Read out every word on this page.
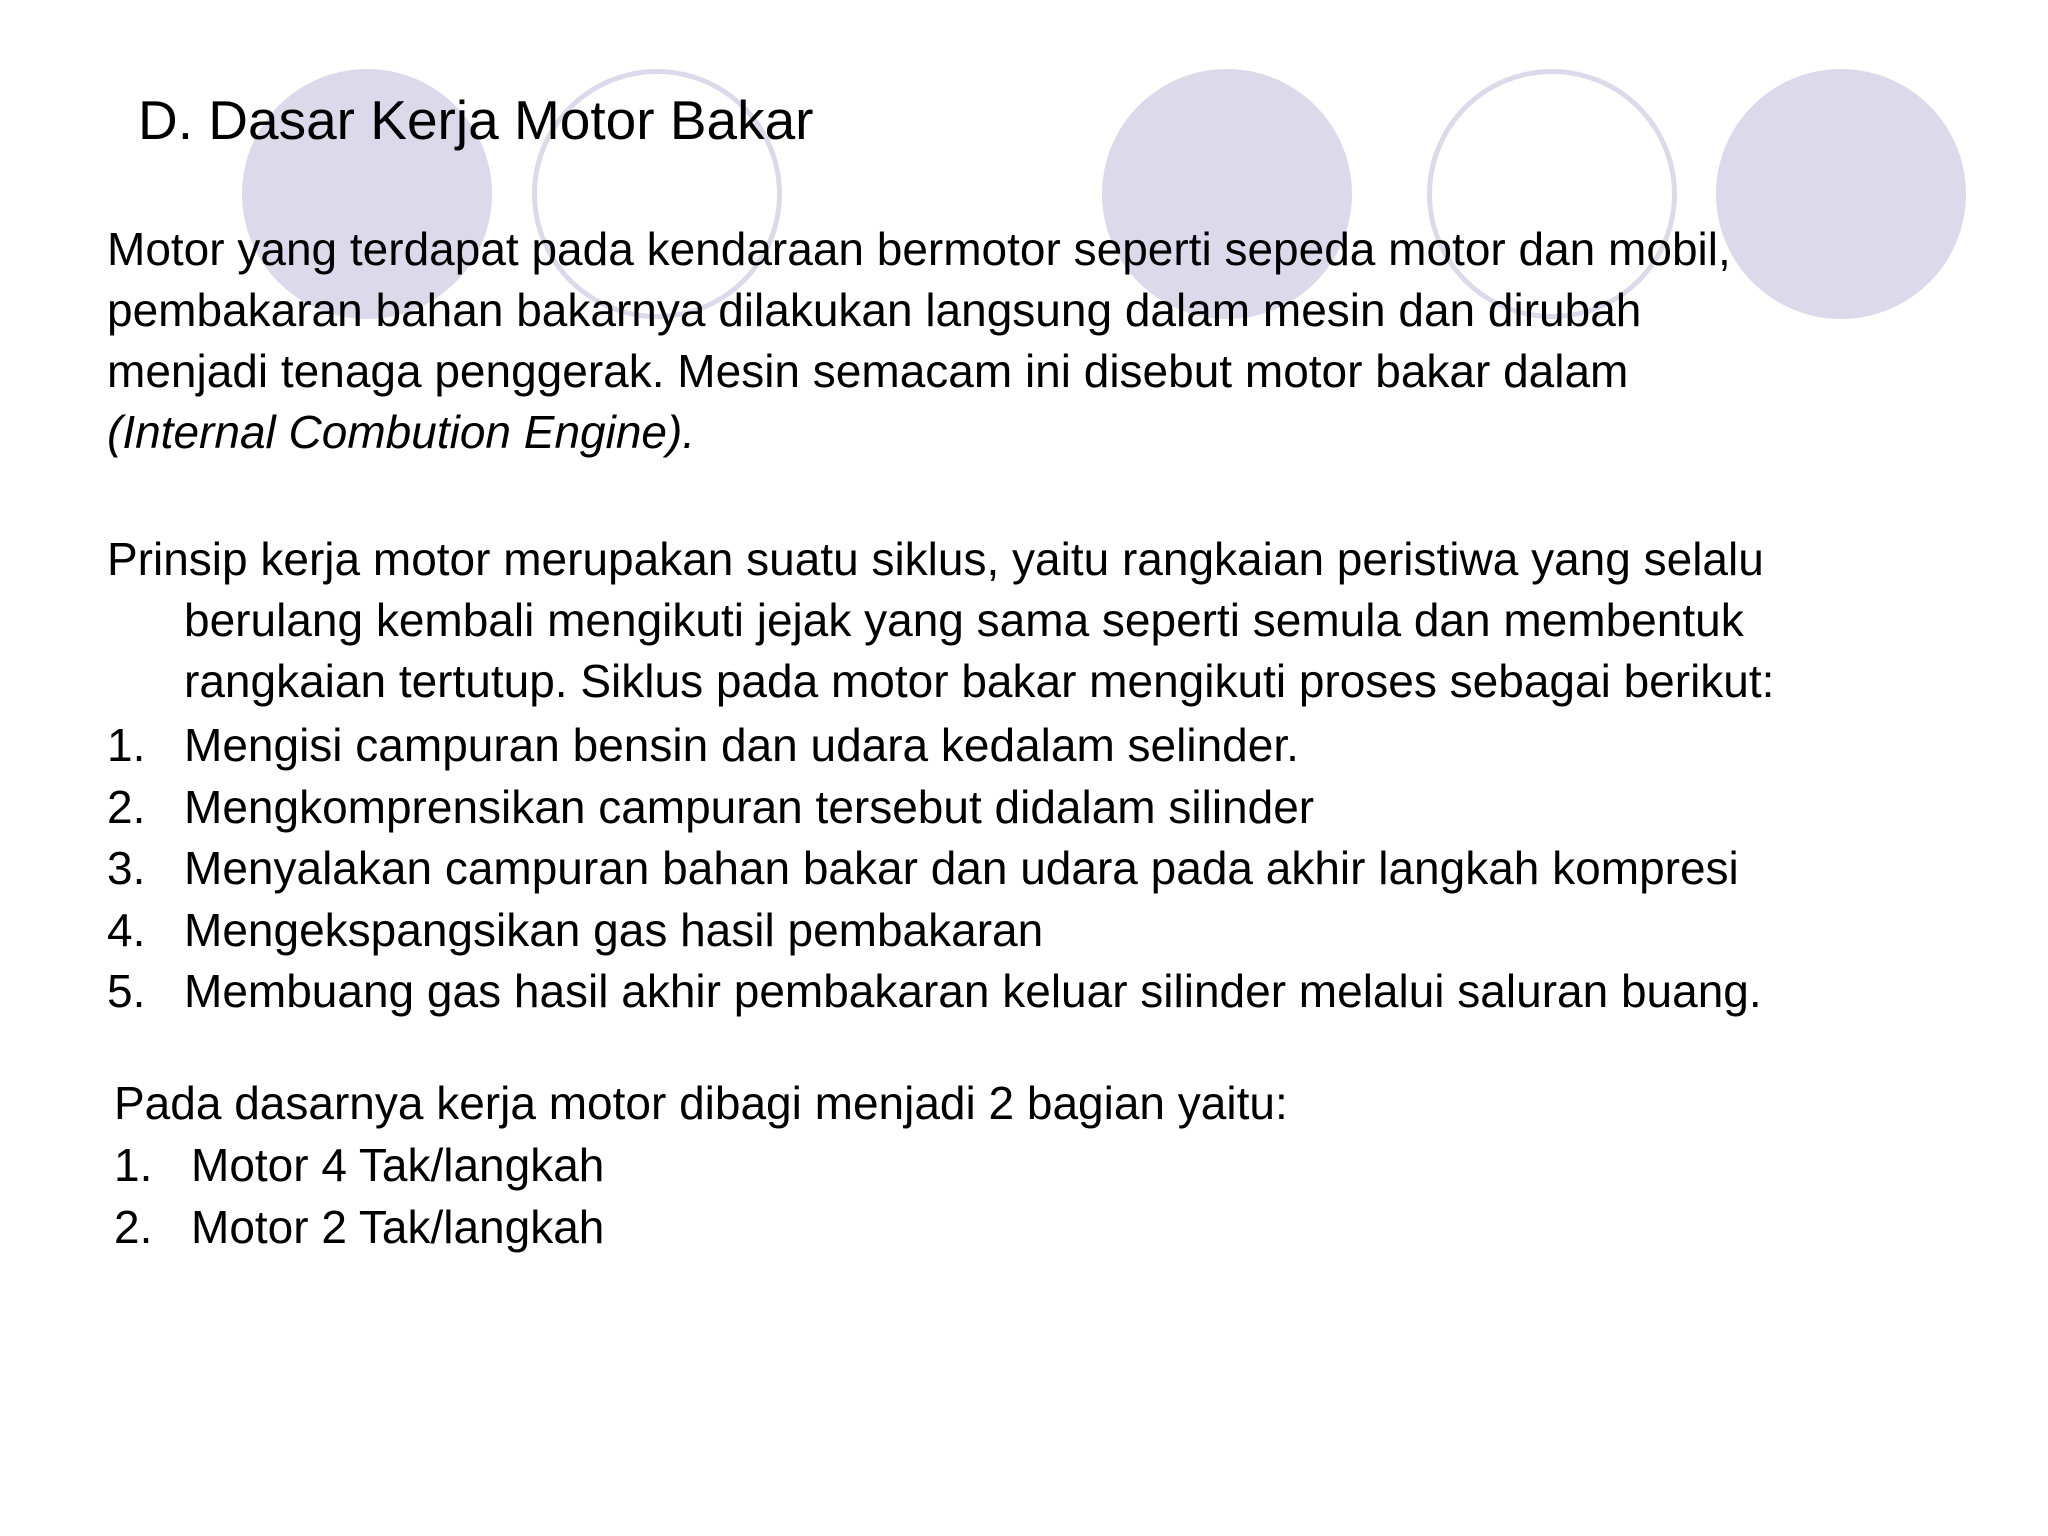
D. Dasar Kerja Motor Bakar

Motor yang terdapat pada kendaraan bermotor seperti sepeda motor dan mobil,
pembakaran bahan bakarnya dilakukan langsung dalam mesin dan dirubah
menjadi tenaga penggerak. Mesin semacam ini disebut motor bakar dalam
(Internal Combution Engine).

Prinsip kerja motor merupakan suatu siklus, yaitu rangkaian peristiwa yang selalu
berulang kembali mengikuti jejak yang sama seperti semula dan membentuk
rangkaian tertutup. Siklus pada motor bakar mengikuti proses sebagai berikut:

1. Mengisi campuran bensin dan udara kedalam selinder.
2. Mengkomprensikan campuran tersebut didalam silinder
3. Menyalakan campuran bahan bakar dan udara pada akhir langkah kompresi
4. Mengekspangsikan gas hasil pembakaran
5. Membuang gas hasil akhir pembakaran keluar silinder melalui saluran buang.

Pada dasarnya kerja motor dibagi menjadi 2 bagian yaitu:

1. Motor 4 Tak/langkah
2. Motor 2 Tak/langkah
